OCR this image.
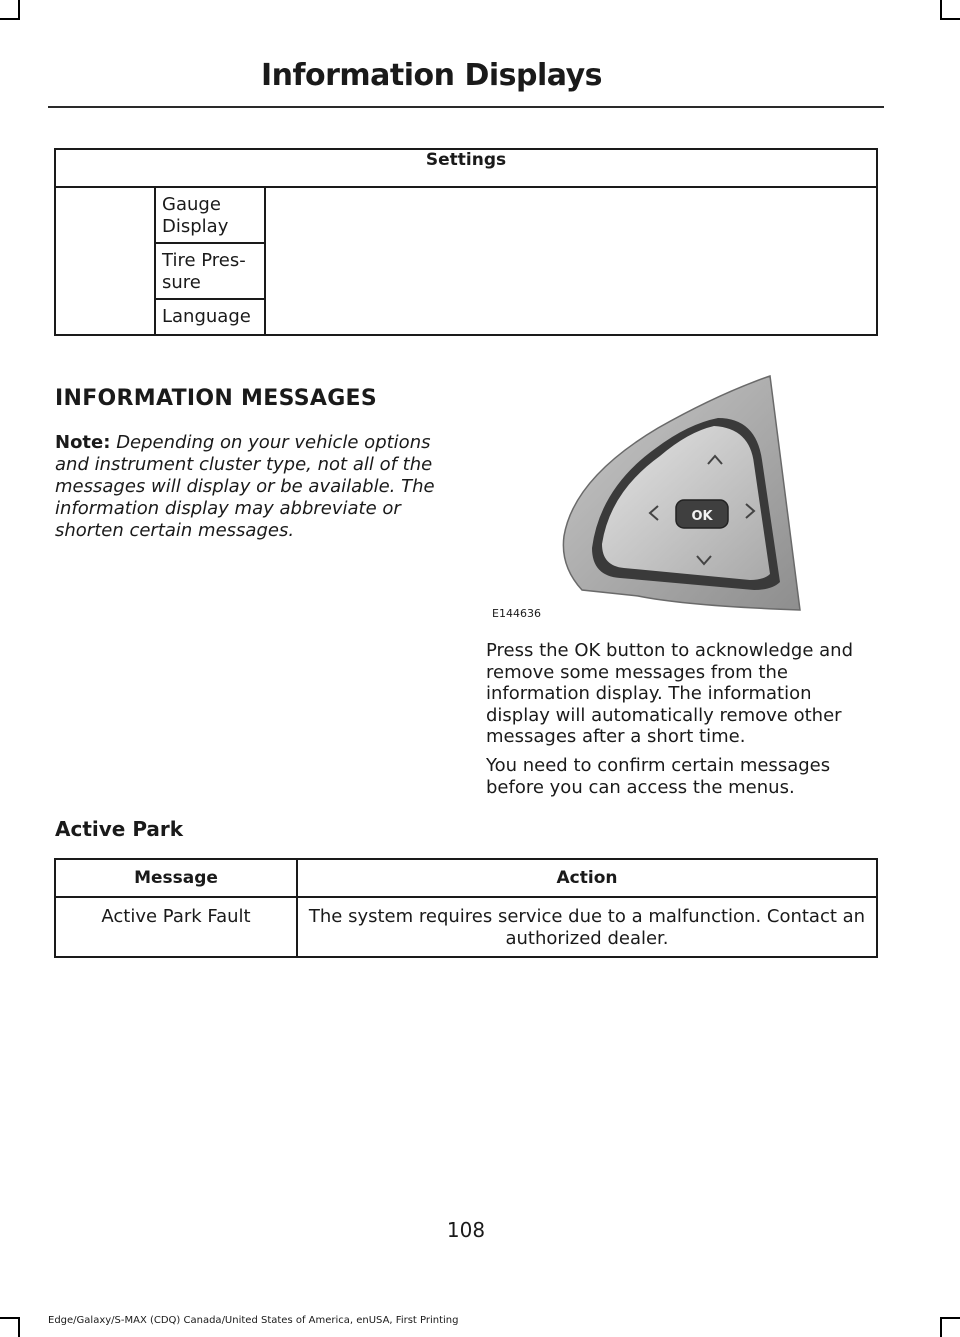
Information Displays
Settings
	Gauge Display	
Tire Pres-sure
Language
INFORMATION MESSAGES
Note: Depending on your vehicle options and instrument cluster type, not all of the messages will display or be available. The information display may abbreviate or shorten certain messages.
OK
E144636
Press the OK button to acknowledge and remove some messages from the information display. The information display will automatically remove other messages after a short time.
You need to confirm certain messages before you can access the menus.
Active Park
Message	Action
Active Park Fault	The system requires service due to a malfunction. Contact an authorized dealer.
108
Edge/Galaxy/S-MAX (CDQ) Canada/United States of America, enUSA, First Printing
